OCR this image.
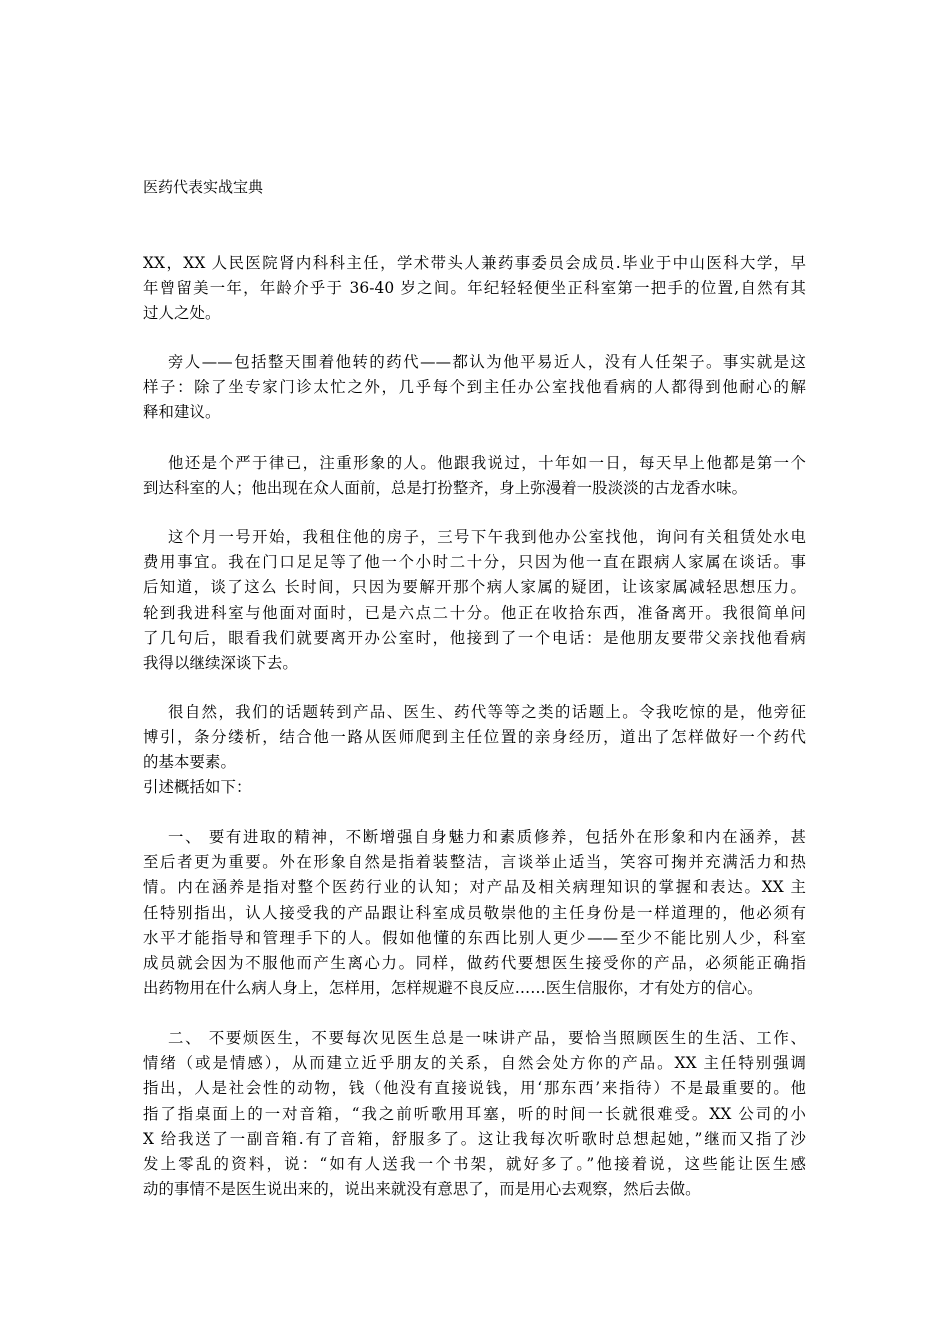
医药代表实战宝典
XX，XX 人民医院肾内科科主任，学术带头人兼药事委员会成员.毕业于中山医科大学，早
年曾留美一年，年龄介乎于 36-40 岁之间。年纪轻轻便坐正科室第一把手的位置,自然有其
过人之处。
旁人——包括整天围着他转的药代——都认为他平易近人，没有人任架子。事实就是这
样子：除了坐专家门诊太忙之外，几乎每个到主任办公室找他看病的人都得到他耐心的解
释和建议。
他还是个严于律已，注重形象的人。他跟我说过，十年如一日，每天早上他都是第一个
到达科室的人；他出现在众人面前，总是打扮整齐，身上弥漫着一股淡淡的古龙香水味。
这个月一号开始，我租住他的房子，三号下午我到他办公室找他，询问有关租赁处水电
费用事宜。我在门口足足等了他一个小时二十分，只因为他一直在跟病人家属在谈话。事
后知道，谈了这么 长时间，只因为要解开那个病人家属的疑团，让该家属减轻思想压力。
轮到我进科室与他面对面时，已是六点二十分。他正在收拾东西，准备离开。我很简单问
了几句后，眼看我们就要离开办公室时，他接到了一个电话：是他朋友要带父亲找他看病
我得以继续深谈下去。
很自然，我们的话题转到产品、医生、药代等等之类的话题上。令我吃惊的是，他旁征
博引，条分缕析，结合他一路从医师爬到主任位置的亲身经历，道出了怎样做好一个药代
的基本要素。
引述概括如下：
一、 要有进取的精神，不断增强自身魅力和素质修养，包括外在形象和内在涵养，甚
至后者更为重要。外在形象自然是指着装整洁，言谈举止适当，笑容可掬并充满活力和热
情。内在涵养是指对整个医药行业的认知；对产品及相关病理知识的掌握和表达。XX 主
任特别指出，认人接受我的产品跟让科室成员敬崇他的主任身份是一样道理的，他必须有
水平才能指导和管理手下的人。假如他懂的东西比别人更少——至少不能比别人少，科室
成员就会因为不服他而产生离心力。同样，做药代要想医生接受你的产品，必须能正确指
出药物用在什么病人身上，怎样用，怎样规避不良反应……医生信服你，才有处方的信心。
二、 不要烦医生，不要每次见医生总是一味讲产品，要恰当照顾医生的生活、工作、
情绪（或是情感），从而建立近乎朋友的关系，自然会处方你的产品。XX 主任特别强调
指出，人是社会性的动物，钱（他没有直接说钱，用‘那东西’来指待）不是最重要的。他
指了指桌面上的一对音箱，“我之前听歌用耳塞，听的时间一长就很难受。XX 公司的小
X 给我送了一副音箱.有了音箱，舒服多了。这让我每次听歌时总想起她，”继而又指了沙
发上零乱的资料，说：“如有人送我一个书架，就好多了。”他接着说，这些能让医生感
动的事情不是医生说出来的，说出来就没有意思了，而是用心去观察，然后去做。
